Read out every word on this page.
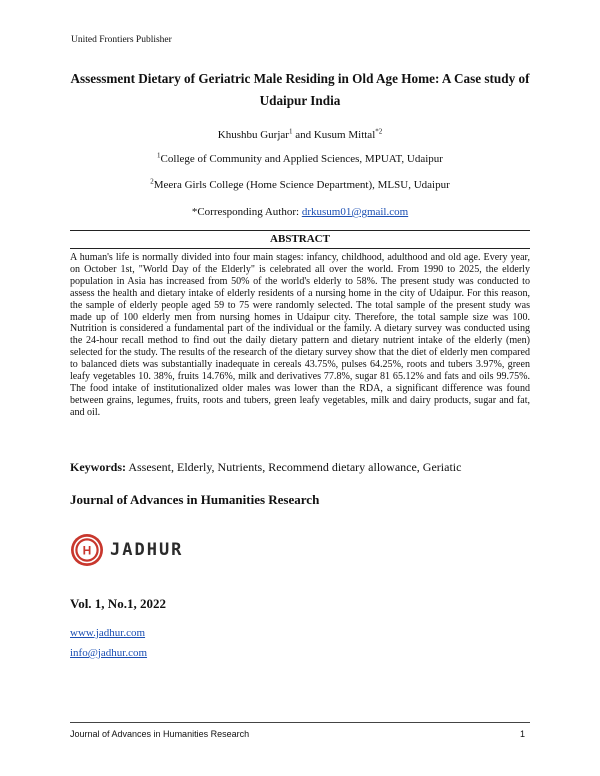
United Frontiers Publisher
Assessment Dietary of Geriatric Male Residing in Old Age Home: A Case study of Udaipur India
Khushbu Gurjar$^1$ and Kusum Mittal$^{*2}$
$^1$College of Community and Applied Sciences, MPUAT, Udaipur
$^2$Meera Girls College (Home Science Department), MLSU, Udaipur
*Corresponding Author: drkusum01@gmail.com
ABSTRACT

A human's life is normally divided into four main stages: infancy, childhood, adulthood and old age. Every year, on October 1st, "World Day of the Elderly" is celebrated all over the world. From 1990 to 2025, the elderly population in Asia has increased from 50% of the world's elderly to 58%. The present study was conducted to assess the health and dietary intake of elderly residents of a nursing home in the city of Udaipur. For this reason, the sample of elderly people aged 59 to 75 were randomly selected. The total sample of the present study was made up of 100 elderly men from nursing homes in Udaipur city. Therefore, the total sample size was 100. Nutrition is considered a fundamental part of the individual or the family. A dietary survey was conducted using the 24-hour recall method to find out the daily dietary pattern and dietary nutrient intake of the elderly (men) selected for the study. The results of the research of the dietary survey show that the diet of elderly men compared to balanced diets was substantially inadequate in cereals 43.75%, pulses 64.25%, roots and tubers 3.97%, green leafy vegetables 10. 38%, fruits 14.76%, milk and derivatives 77.8%, sugar 81 65.12% and fats and oils 99.75%. The food intake of institutionalized older males was lower than the RDA, a significant difference was found between grains, legumes, fruits, roots and tubers, green leafy vegetables, milk and dairy products, sugar and fat, and oil.

Keywords: Assesent, Elderly, Nutrients, Recommend dietary allowance, Geriatic
Journal of Advances in Humanities Research
H JADHUR
Vol. 1, No.1, 2022
www.jadhur.com
info@jadhur.com
Journal of Advances in Humanities Research	1
